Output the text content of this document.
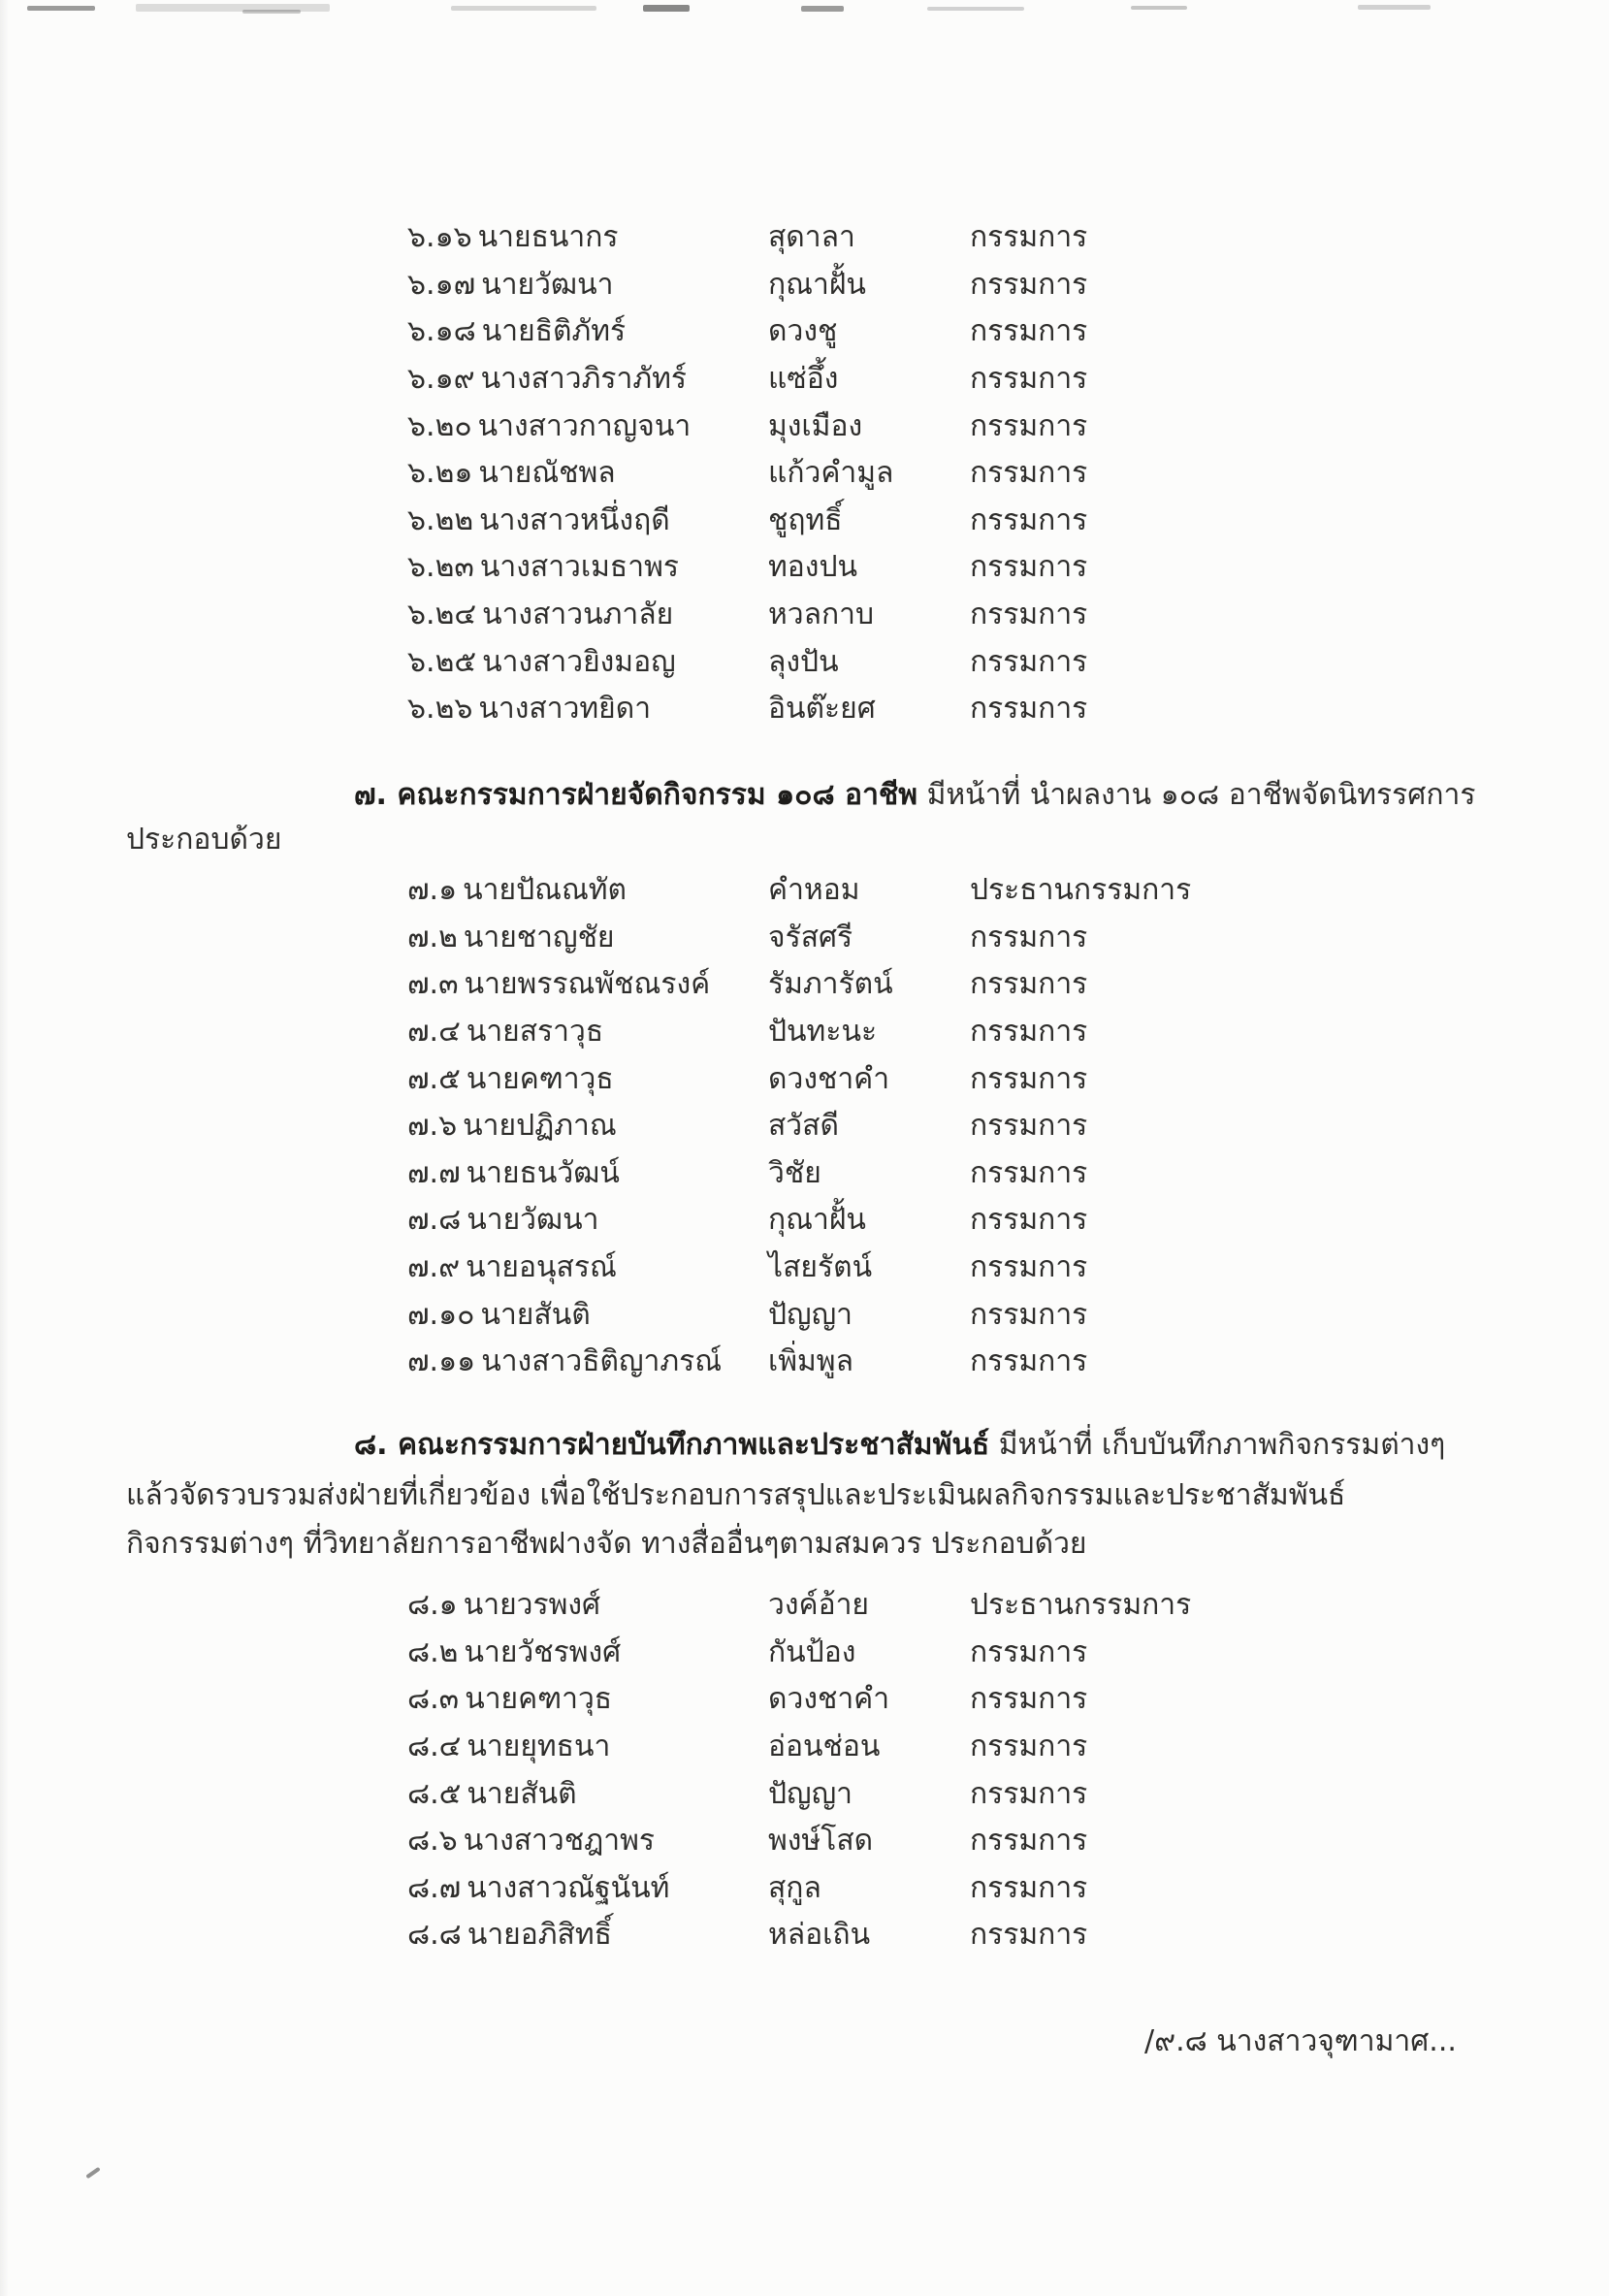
๖.๑๖ นายธนากร	สุดาลา	กรรมการ
๖.๑๗ นายวัฒนา	กุณาฝั้น	กรรมการ
๖.๑๘ นายธิติภัทร์	ดวงชู	กรรมการ
๖.๑๙ นางสาวภิราภัทร์	แซ่อึ้ง	กรรมการ
๖.๒๐ นางสาวกาญจนา	มุงเมือง	กรรมการ
๖.๒๑ นายณัชพล	แก้วคำมูล	กรรมการ
๖.๒๒ นางสาวหนึ่งฤดี	ชูฤทธิ์	กรรมการ
๖.๒๓ นางสาวเมธาพร	ทองปน	กรรมการ
๖.๒๔ นางสาวนภาลัย	หวลกาบ	กรรมการ
๖.๒๕ นางสาวยิงมอญ	ลุงปัน	กรรมการ
๖.๒๖ นางสาวทยิดา	อินต๊ะยศ	กรรมการ
๗. คณะกรรมการฝ่ายจัดกิจกรรม ๑๐๘ อาชีพ มีหน้าที่ นำผลงาน ๑๐๘ อาชีพจัดนิทรรศการ
ประกอบด้วย
๗.๑ นายปัณณทัต	คำหอม	ประธานกรรมการ
๗.๒ นายชาญชัย	จรัสศรี	กรรมการ
๗.๓ นายพรรณพัชณรงค์	รัมภารัตน์	กรรมการ
๗.๔ นายสราวุธ	ปันทะนะ	กรรมการ
๗.๕ นายคฑาวุธ	ดวงชาคำ	กรรมการ
๗.๖ นายปฏิภาณ	สวัสดี	กรรมการ
๗.๗ นายธนวัฒน์	วิชัย	กรรมการ
๗.๘ นายวัฒนา	กุณาฝั้น	กรรมการ
๗.๙ นายอนุสรณ์	ไสยรัตน์	กรรมการ
๗.๑๐ นายสันติ	ปัญญา	กรรมการ
๗.๑๑ นางสาวธิติญาภรณ์	เพิ่มพูล	กรรมการ
๘. คณะกรรมการฝ่ายบันทึกภาพและประชาสัมพันธ์ มีหน้าที่ เก็บบันทึกภาพกิจกรรมต่างๆ
แล้วจัดรวบรวมส่งฝ่ายที่เกี่ยวข้อง เพื่อใช้ประกอบการสรุปและประเมินผลกิจกรรมและประชาสัมพันธ์
กิจกรรมต่างๆ ที่วิทยาลัยการอาชีพฝางจัด ทางสื่ออื่นๆตามสมควร ประกอบด้วย
๘.๑ นายวรพงศ์	วงค์อ้าย	ประธานกรรมการ
๘.๒ นายวัชรพงศ์	กันป้อง	กรรมการ
๘.๓ นายคฑาวุธ	ดวงชาคำ	กรรมการ
๘.๔ นายยุทธนา	อ่อนช่อน	กรรมการ
๘.๕ นายสันติ	ปัญญา	กรรมการ
๘.๖ นางสาวชฎาพร	พงษ์โสด	กรรมการ
๘.๗ นางสาวณัฐนันท์	สุกูล	กรรมการ
๘.๘ นายอภิสิทธิ์	หล่อเถิน	กรรมการ
/๙.๘ นางสาวจุฑามาศ...
